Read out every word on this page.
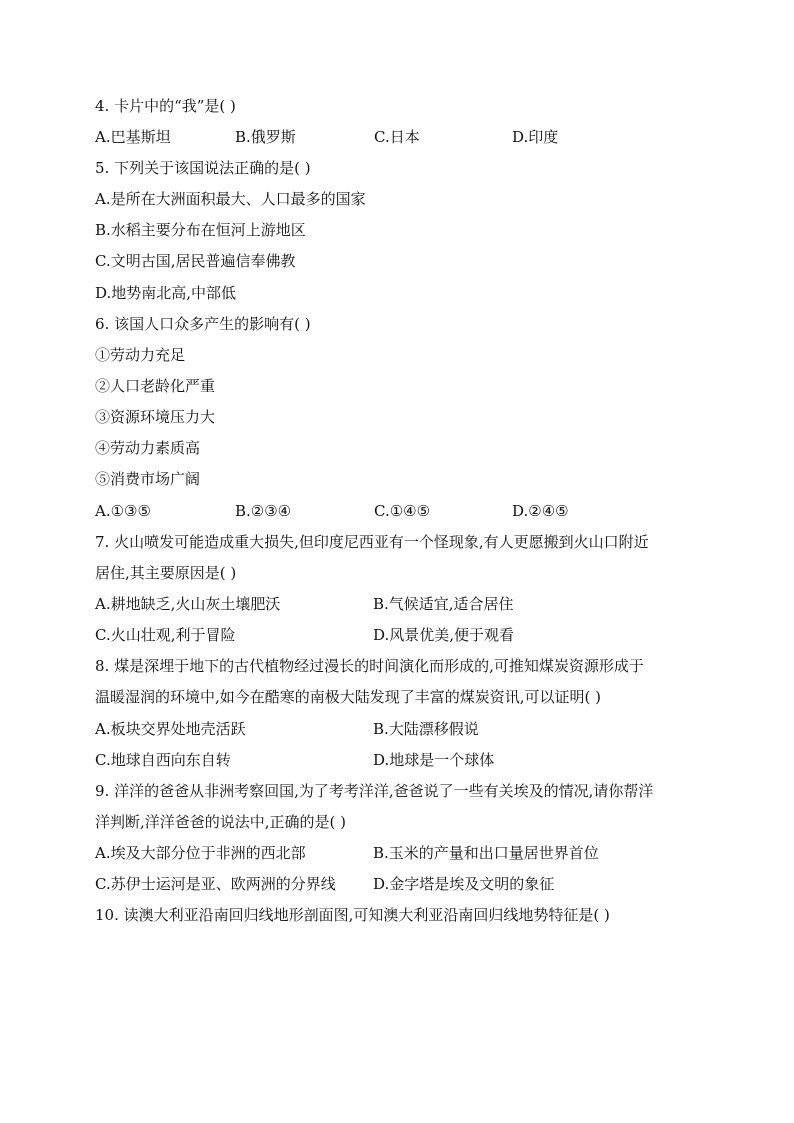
4. 卡片中的“我”是( )
A.巴基斯坦	B.俄罗斯	C.日本	D.印度
5. 下列关于该国说法正确的是( )
A.是所在大洲面积最大、人口最多的国家
B.水稻主要分布在恒河上游地区
C.文明古国,居民普遍信奉佛教
D.地势南北高,中部低
6. 该国人口众多产生的影响有( )
①劳动力充足
②人口老龄化严重
③资源环境压力大
④劳动力素质高
⑤消费市场广阔
A.①③⑤	B.②③④	C.①④⑤	D.②④⑤
7. 火山喷发可能造成重大损失,但印度尼西亚有一个怪现象,有人更愿搬到火山口附近
居住,其主要原因是( )
A.耕地缺乏,火山灰土壤肥沃	B.气候适宜,适合居住
C.火山壮观,利于冒险	D.风景优美,便于观看
8. 煤是深埋于地下的古代植物经过漫长的时间演化而形成的,可推知煤炭资源形成于
温暖湿润的环境中,如今在酷寒的南极大陆发现了丰富的煤炭资讯,可以证明( )
A.板块交界处地壳活跃	B.大陆漂移假说
C.地球自西向东自转	D.地球是一个球体
9. 洋洋的爸爸从非洲考察回国,为了考考洋洋,爸爸说了一些有关埃及的情况,请你帮洋
洋判断,洋洋爸爸的说法中,正确的是( )
A.埃及大部分位于非洲的西北部	B.玉米的产量和出口量居世界首位
C.苏伊士运河是亚、欧两洲的分界线 D.金字塔是埃及文明的象征
10. 读澳大利亚沿南回归线地形剖面图,可知澳大利亚沿南回归线地势特征是( )
